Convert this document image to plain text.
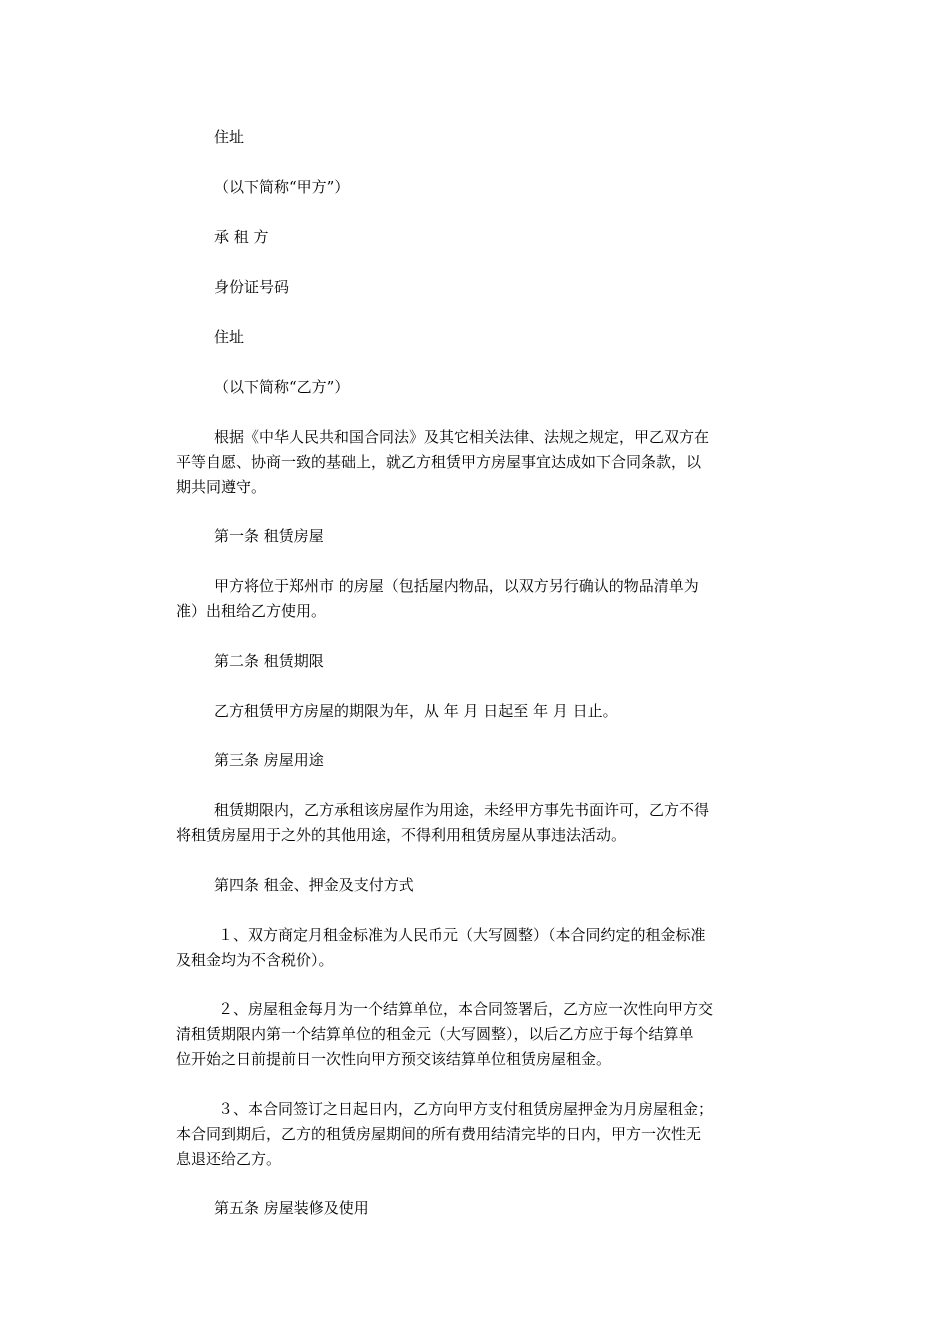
住址

（以下简称“甲方”）

承 租 方

身份证号码

住址

（以下简称“乙方”）

根据《中华人民共和国合同法》及其它相关法律、法规之规定，甲乙双方在
平等自愿、协商一致的基础上，就乙方租赁甲方房屋事宜达成如下合同条款，以
期共同遵守。

第一条 租赁房屋

甲方将位于郑州市 的房屋（包括屋内物品，以双方另行确认的物品清单为
准）出租给乙方使用。

第二条 租赁期限

乙方租赁甲方房屋的期限为年，从 年 月 日起至 年 月 日止。

第三条 房屋用途

租赁期限内，乙方承租该房屋作为用途，未经甲方事先书面许可，乙方不得
将租赁房屋用于之外的其他用途，不得利用租赁房屋从事违法活动。

第四条 租金、押金及支付方式

１、双方商定月租金标准为人民币元（大写圆整）（本合同约定的租金标准
及租金均为不含税价）。
２、房屋租金每月为一个结算单位，本合同签署后，乙方应一次性向甲方交
清租赁期限内第一个结算单位的租金元（大写圆整），以后乙方应于每个结算单
位开始之日前提前日一次性向甲方预交该结算单位租赁房屋租金。
３、本合同签订之日起日内，乙方向甲方支付租赁房屋押金为月房屋租金；
本合同到期后，乙方的租赁房屋期间的所有费用结清完毕的日内，甲方一次性无
息退还给乙方。

第五条 房屋装修及使用
